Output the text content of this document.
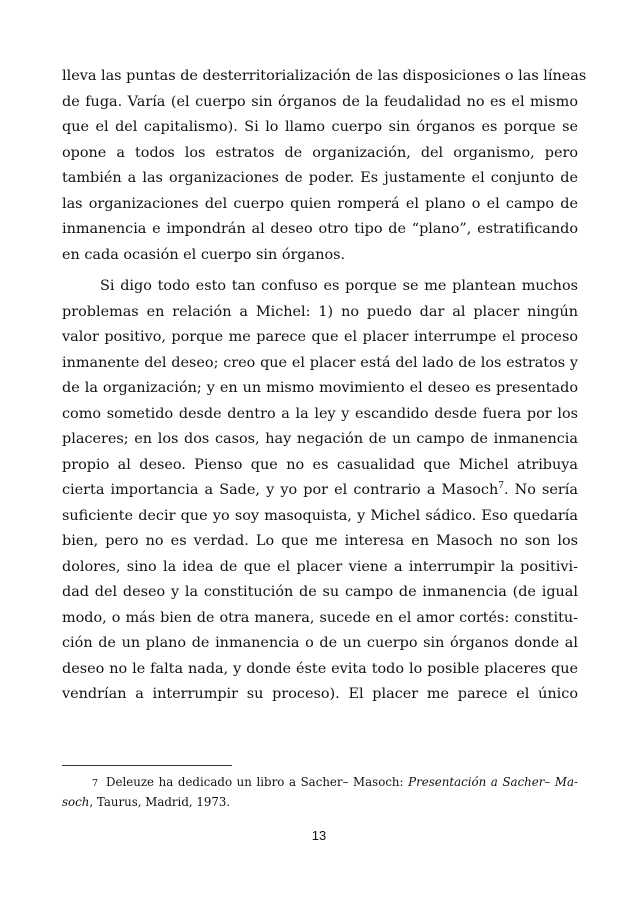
lleva las puntas de desterritorialización de las disposiciones o las líneas
de fuga. Varía (el cuerpo sin órganos de la feudalidad no es el mismo
que el del capitalismo). Si lo llamo cuerpo sin órganos es porque se
opone a todos los estratos de organización, del organismo, pero
también a las organizaciones de poder. Es justamente el conjunto de
las organizaciones del cuerpo quien romperá el plano o el campo de
inmanencia e impondrán al deseo otro tipo de “plano”, estratificando
en cada ocasión el cuerpo sin órganos.
Si digo todo esto tan confuso es porque se me plantean muchos
problemas en relación a Michel: 1) no puedo dar al placer ningún
valor positivo, porque me parece que el placer interrumpe el proceso
inmanente del deseo; creo que el placer está del lado de los estratos y
de la organización; y en un mismo movimiento el deseo es presentado
como sometido desde dentro a la ley y escandido desde fuera por los
placeres; en los dos casos, hay negación de un campo de inmanencia
propio al deseo. Pienso que no es casualidad que Michel atribuya
cierta importancia a Sade, y yo por el contrario a Masoch$^7$. No sería
suficiente decir que yo soy masoquista, y Michel sádico. Eso quedaría
bien, pero no es verdad. Lo que me interesa en Masoch no son los
dolores, sino la idea de que el placer viene a interrumpir la positivi-
dad del deseo y la constitución de su campo de inmanencia (de igual
modo, o más bien de otra manera, sucede en el amor cortés: constitu-
ción de un plano de inmanencia o de un cuerpo sin órganos donde al
deseo no le falta nada, y donde éste evita todo lo posible placeres que
vendrían a interrumpir su proceso). El placer me parece el único
7 Deleuze ha dedicado un libro a Sacher– Masoch: Presentación a Sacher– Ma-
soch, Taurus, Madrid, 1973.
13
